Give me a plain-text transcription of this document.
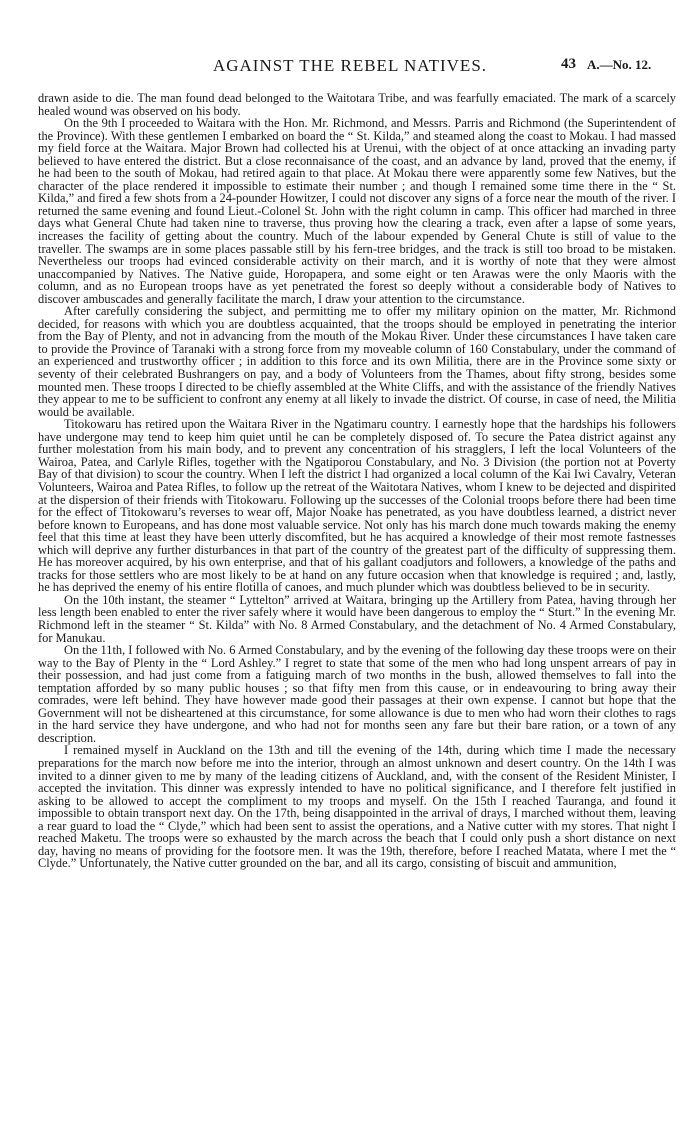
AGAINST THE REBEL NATIVES.	43 A.—No. 12.

drawn aside to die. The man found dead belonged to the Waitotara Tribe, and was fearfully emaciated. The mark of a scarcely healed wound was observed on his body.

On the 9th I proceeded to Waitara with the Hon. Mr. Richmond, and Messrs. Parris and Richmond (the Superintendent of the Province). With these gentlemen I embarked on board the “ St. Kilda,” and steamed along the coast to Mokau. I had massed my field force at the Waitara. Major Brown had collected his at Urenui, with the object of at once attacking an invading party believed to have entered the district. But a close reconnaisance of the coast, and an advance by land, proved that the enemy, if he had been to the south of Mokau, had retired again to that place. At Mokau there were apparently some few Natives, but the character of the place rendered it impossible to estimate their number ; and though I remained some time there in the “ St. Kilda,” and fired a few shots from a 24-pounder Howitzer, I could not discover any signs of a force near the mouth of the river. I returned the same evening and found Lieut.-Colonel St. John with the right column in camp. This officer had marched in three days what General Chute had taken nine to traverse, thus proving how the clearing a track, even after a lapse of some years, increases the facility of getting about the country. Much of the labour expended by General Chute is still of value to the traveller. The swamps are in some places passable still by his fern-tree bridges, and the track is still too broad to be mistaken. Nevertheless our troops had evinced considerable activity on their march, and it is worthy of note that they were almost unaccompanied by Natives. The Native guide, Horopapera, and some eight or ten Arawas were the only Maoris with the column, and as no European troops have as yet penetrated the forest so deeply without a considerable body of Natives to discover ambuscades and generally facilitate the march, I draw your attention to the circumstance.

After carefully considering the subject, and permitting me to offer my military opinion on the matter, Mr. Richmond decided, for reasons with which you are doubtless acquainted, that the troops should be employed in penetrating the interior from the Bay of Plenty, and not in advancing from the mouth of the Mokau River. Under these circumstances I have taken care to provide the Province of Taranaki with a strong force from my moveable column of 160 Constabulary, under the command of an experienced and trustworthy officer ; in addition to this force and its own Militia, there are in the Province some sixty or seventy of their celebrated Bushrangers on pay, and a body of Volunteers from the Thames, about fifty strong, besides some mounted men. These troops I directed to be chiefly assembled at the White Cliffs, and with the assistance of the friendly Natives they appear to me to be sufficient to confront any enemy at all likely to invade the district. Of course, in case of need, the Militia would be available.

Titokowaru has retired upon the Waitara River in the Ngatimaru country. I earnestly hope that the hardships his followers have undergone may tend to keep him quiet until he can be completely disposed of. To secure the Patea district against any further molestation from his main body, and to prevent any concentration of his stragglers, I left the local Volunteers of the Wairoa, Patea, and Carlyle Rifles, together with the Ngatiporou Constabulary, and No. 3 Division (the portion not at Poverty Bay of that division) to scour the country. When I left the district I had organized a local column of the Kai Iwi Cavalry, Veteran Volunteers, Wairoa and Patea Rifles, to follow up the retreat of the Waitotara Natives, whom I knew to be dejected and dispirited at the dispersion of their friends with Titokowaru. Following up the successes of the Colonial troops before there had been time for the effect of Titokowaru’s reverses to wear off, Major Noake has penetrated, as you have doubtless learned, a district never before known to Europeans, and has done most valuable service. Not only has his march done much towards making the enemy feel that this time at least they have been utterly discomfited, but he has acquired a knowledge of their most remote fastnesses which will deprive any further disturbances in that part of the country of the greatest part of the difficulty of suppressing them. He has moreover acquired, by his own enterprise, and that of his gallant coadjutors and followers, a knowledge of the paths and tracks for those settlers who are most likely to be at hand on any future occasion when that knowledge is required ; and, lastly, he has deprived the enemy of his entire flotilla of canoes, and much plunder which was doubtless believed to be in security.

On the 10th instant, the steamer “ Lyttelton” arrived at Waitara, bringing up the Artillery from Patea, having through her less length been enabled to enter the river safely where it would have been dangerous to employ the “ Sturt.” In the evening Mr. Richmond left in the steamer “ St. Kilda” with No. 8 Armed Constabulary, and the detachment of No. 4 Armed Constabulary, for Manukau.

On the 11th, I followed with No. 6 Armed Constabulary, and by the evening of the following day these troops were on their way to the Bay of Plenty in the “ Lord Ashley.” I regret to state that some of the men who had long unspent arrears of pay in their possession, and had just come from a fatiguing march of two months in the bush, allowed themselves to fall into the temptation afforded by so many public houses ; so that fifty men from this cause, or in endeavouring to bring away their comrades, were left behind. They have however made good their passages at their own expense. I cannot but hope that the Government will not be disheartened at this circumstance, for some allowance is due to men who had worn their clothes to rags in the hard service they have undergone, and who had not for months seen any fare but their bare ration, or a town of any description.

I remained myself in Auckland on the 13th and till the evening of the 14th, during which time I made the necessary preparations for the march now before me into the interior, through an almost unknown and desert country. On the 14th I was invited to a dinner given to me by many of the leading citizens of Auckland, and, with the consent of the Resident Minister, I accepted the invitation. This dinner was expressly intended to have no political significance, and I therefore felt justified in asking to be allowed to accept the compliment to my troops and myself. On the 15th I reached Tauranga, and found it impossible to obtain transport next day. On the 17th, being disappointed in the arrival of drays, I marched without them, leaving a rear guard to load the “ Clyde,” which had been sent to assist the operations, and a Native cutter with my stores. That night I reached Maketu. The troops were so exhausted by the march across the beach that I could only push a short distance on next day, having no means of providing for the footsore men. It was the 19th, therefore, before I reached Matata, where I met the “ Clyde.” Unfortunately, the Native cutter grounded on the bar, and all its cargo, consisting of biscuit and ammunition,
